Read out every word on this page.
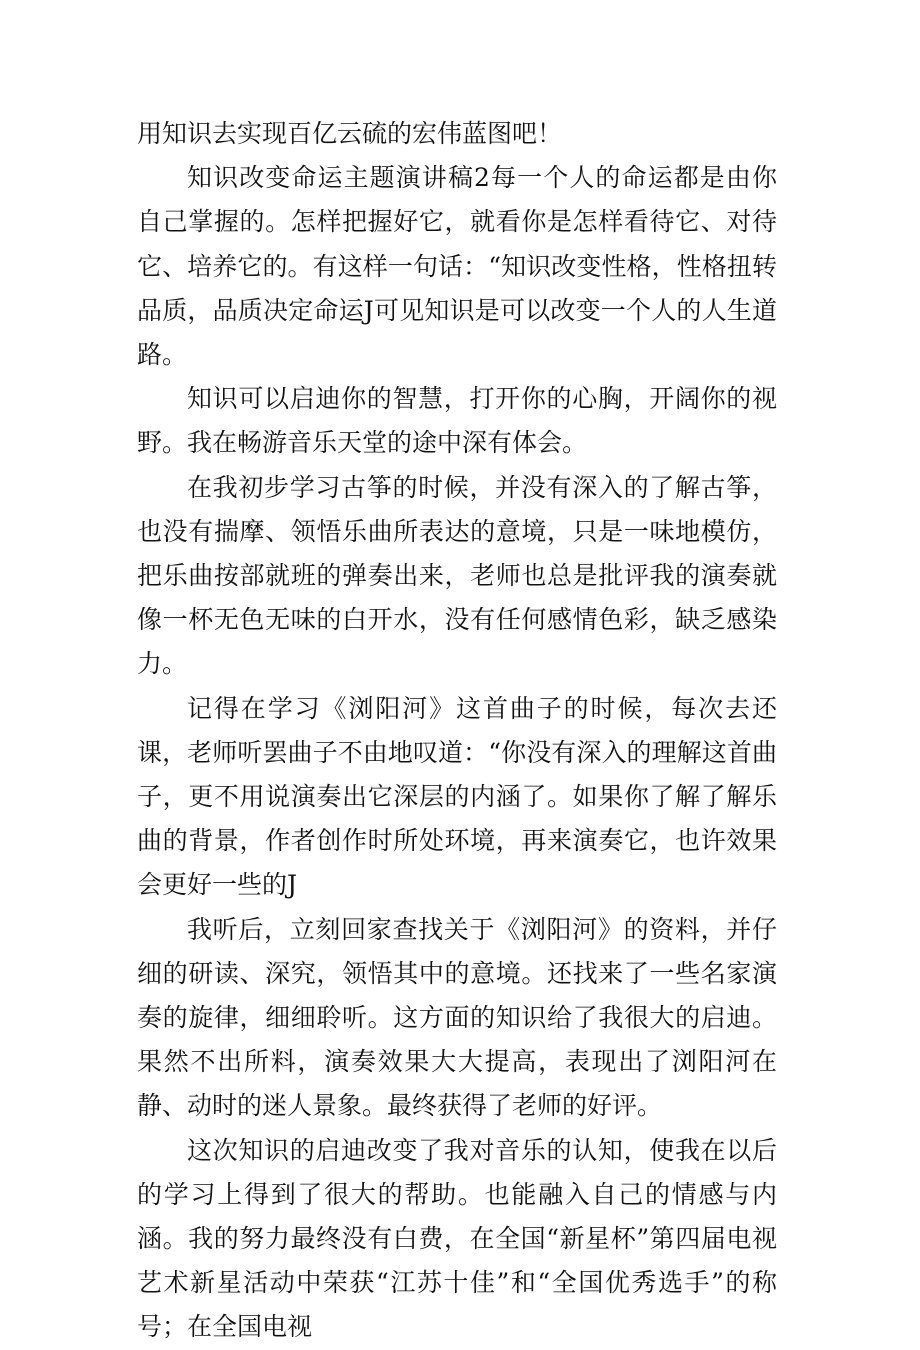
用知识去实现百亿云硫的宏伟蓝图吧！

知识改变命运主题演讲稿2每一个人的命运都是由你自己掌握的。怎样把握好它，就看你是怎样看待它、对待它、培养它的。有这样一句话：“知识改变性格，性格扭转品质，品质决定命运J可见知识是可以改变一个人的人生道路。

知识可以启迪你的智慧，打开你的心胸，开阔你的视野。我在畅游音乐天堂的途中深有体会。

在我初步学习古筝的时候，并没有深入的了解古筝，也没有揣摩、领悟乐曲所表达的意境，只是一味地模仿，把乐曲按部就班的弹奏出来，老师也总是批评我的演奏就像一杯无色无味的白开水，没有任何感情色彩，缺乏感染力。

记得在学习《浏阳河》这首曲子的时候，每次去还课，老师听罢曲子不由地叹道：“你没有深入的理解这首曲子，更不用说演奏出它深层的内涵了。如果你了解了解乐曲的背景，作者创作时所处环境，再来演奏它，也许效果会更好一些的J

我听后，立刻回家查找关于《浏阳河》的资料，并仔细的研读、深究，领悟其中的意境。还找来了一些名家演奏的旋律，细细聆听。这方面的知识给了我很大的启迪。果然不出所料，演奏效果大大提高，表现出了浏阳河在静、动时的迷人景象。最终获得了老师的好评。

这次知识的启迪改变了我对音乐的认知，使我在以后的学习上得到了很大的帮助。也能融入自己的情感与内涵。我的努力最终没有白费，在全国“新星杯”第四届电视艺术新星活动中荣获“江苏十佳”和“全国优秀选手”的称号；在全国电视
